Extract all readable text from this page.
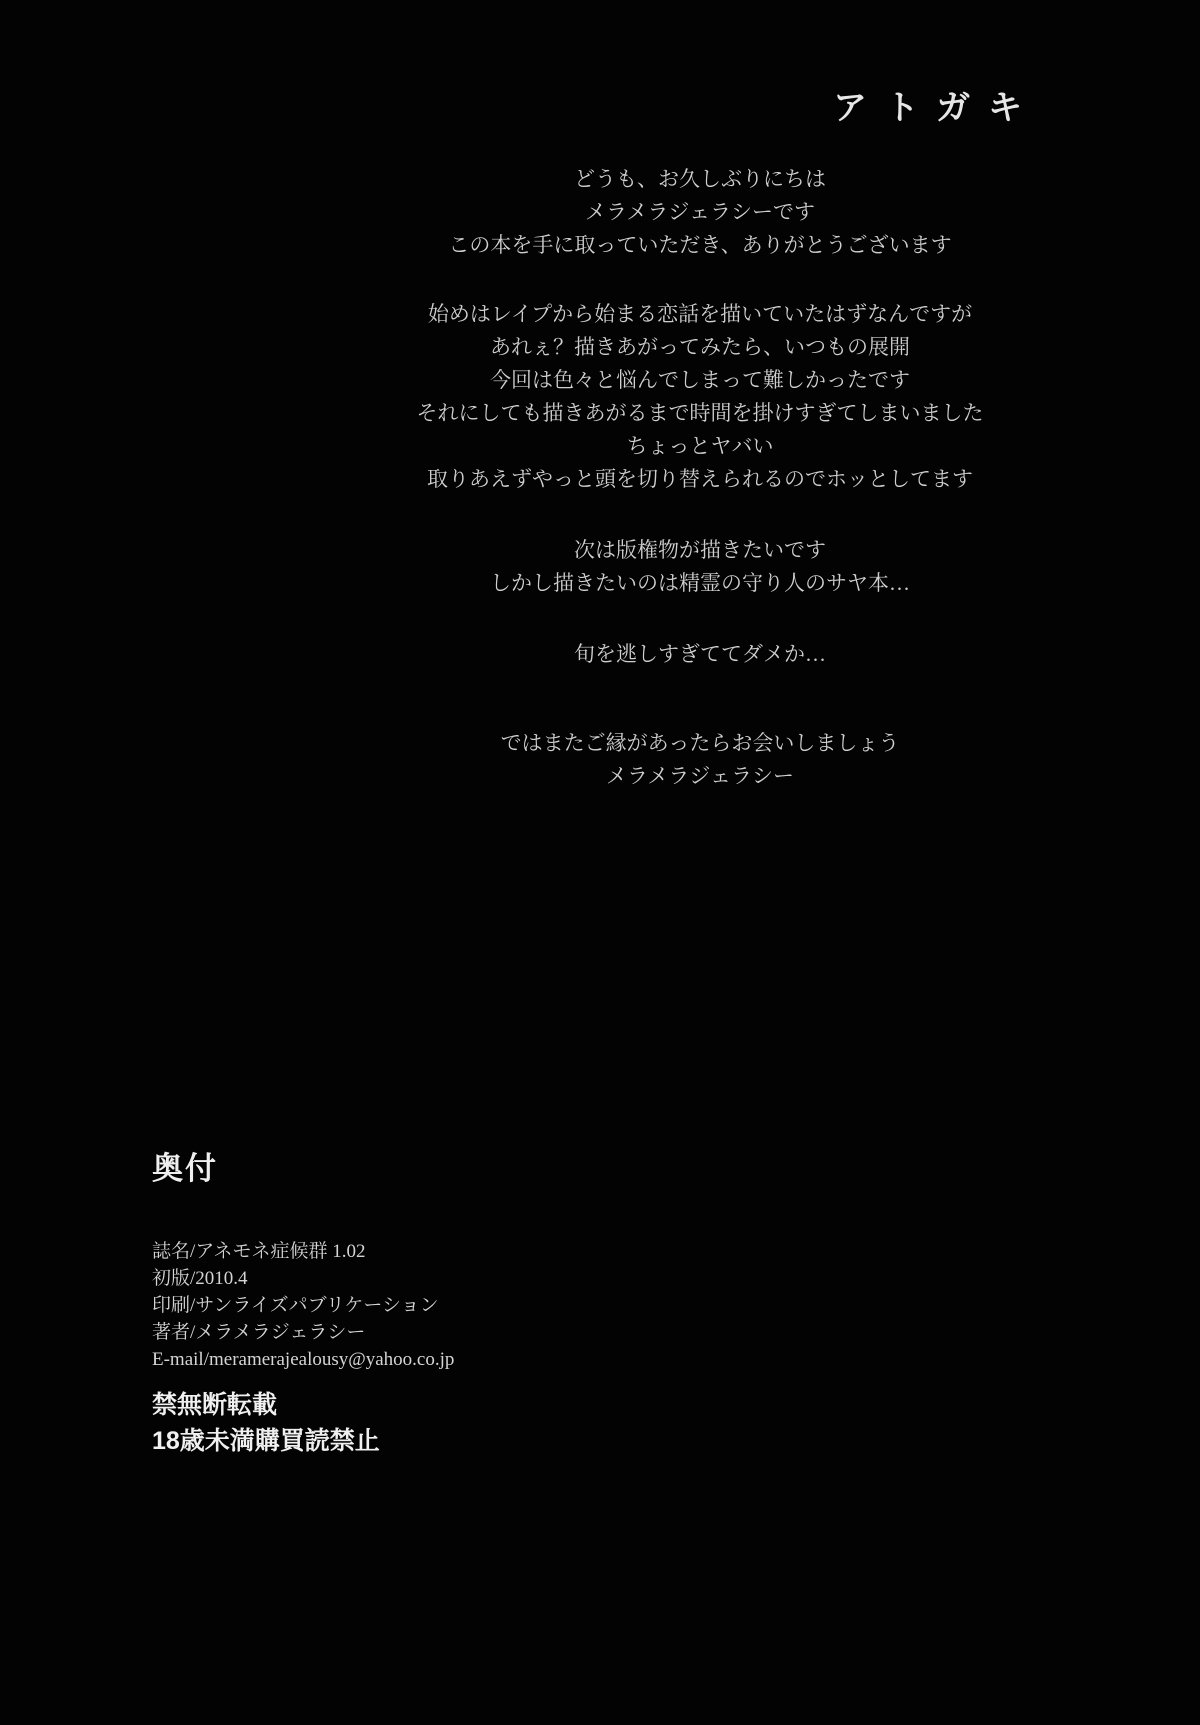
アトガキ
どうも、お久しぶりにちは
メラメラジェラシーです
この本を手に取っていただき、ありがとうございます
始めはレイプから始まる恋話を描いていたはずなんですが
あれぇ？描きあがってみたら、いつもの展開
今回は色々と悩んでしまって難しかったです
それにしても描きあがるまで時間を掛けすぎてしまいました
ちょっとヤバい
取りあえずやっと頭を切り替えられるのでホッとしてます
次は版権物が描きたいです
しかし描きたいのは精霊の守り人のサヤ本…
旬を逃しすぎててダメか…
ではまたご縁があったらお会いしましょう
メラメラジェラシー
奥付
誌名/アネモネ症候群 1.02
初版/2010.4
印刷/サンライズパブリケーション
著者/メラメラジェラシー
E-mail/meramerajealousy@yahoo.co.jp
禁無断転載
18歳未満購買読禁止
